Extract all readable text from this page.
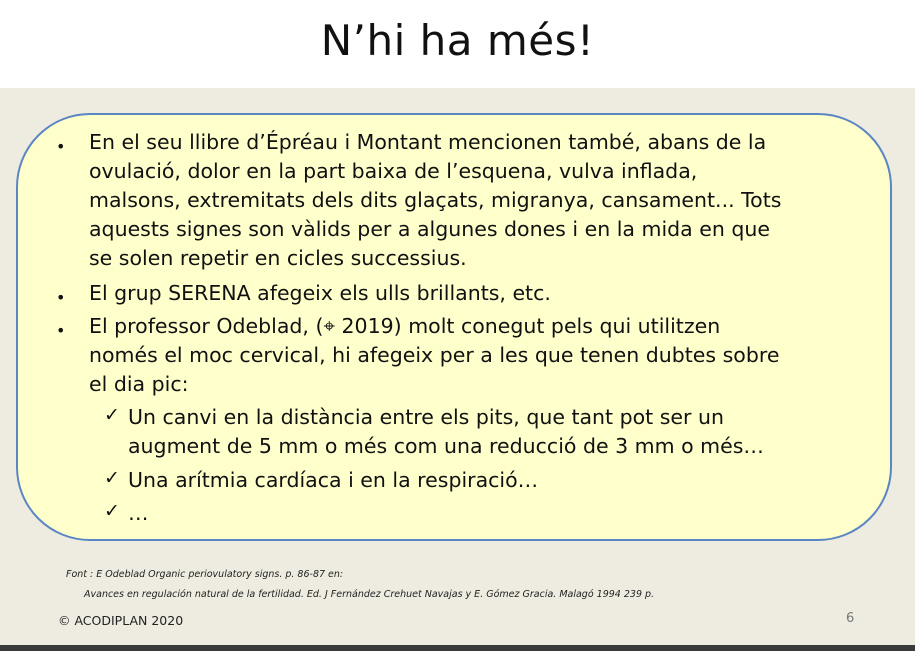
N’hi ha més!
• En el seu llibre d’Épréau i Montant mencionen també, abans de la
ovulació, dolor en la part baixa de l’esquena, vulva inflada,
malsons, extremitats dels dits glaçats, migranya, cansament... Tots
aquests signes son vàlids per a algunes dones i en la mida en que
se solen repetir en cicles successius.
• El grup SERENA afegeix els ulls brillants, etc.
• El professor Odeblad, (⌖ 2019) molt conegut pels qui utilitzen
només el moc cervical, hi afegeix per a les que tenen dubtes sobre
el dia pic:
✓ Un canvi en la distància entre els pits, que tant pot ser un
augment de 5 mm o més com una reducció de 3 mm o més…
✓ Una arítmia cardíaca i en la respiració…
✓ …
Font : E Odeblad Organic periovulatory signs. p. 86-87 en:
Avances en regulación natural de la fertilidad. Ed. J Fernández Crehuet Navajas y E. Gómez Gracia. Malagó 1994 239 p.
© ACODIPLAN 2020	6
